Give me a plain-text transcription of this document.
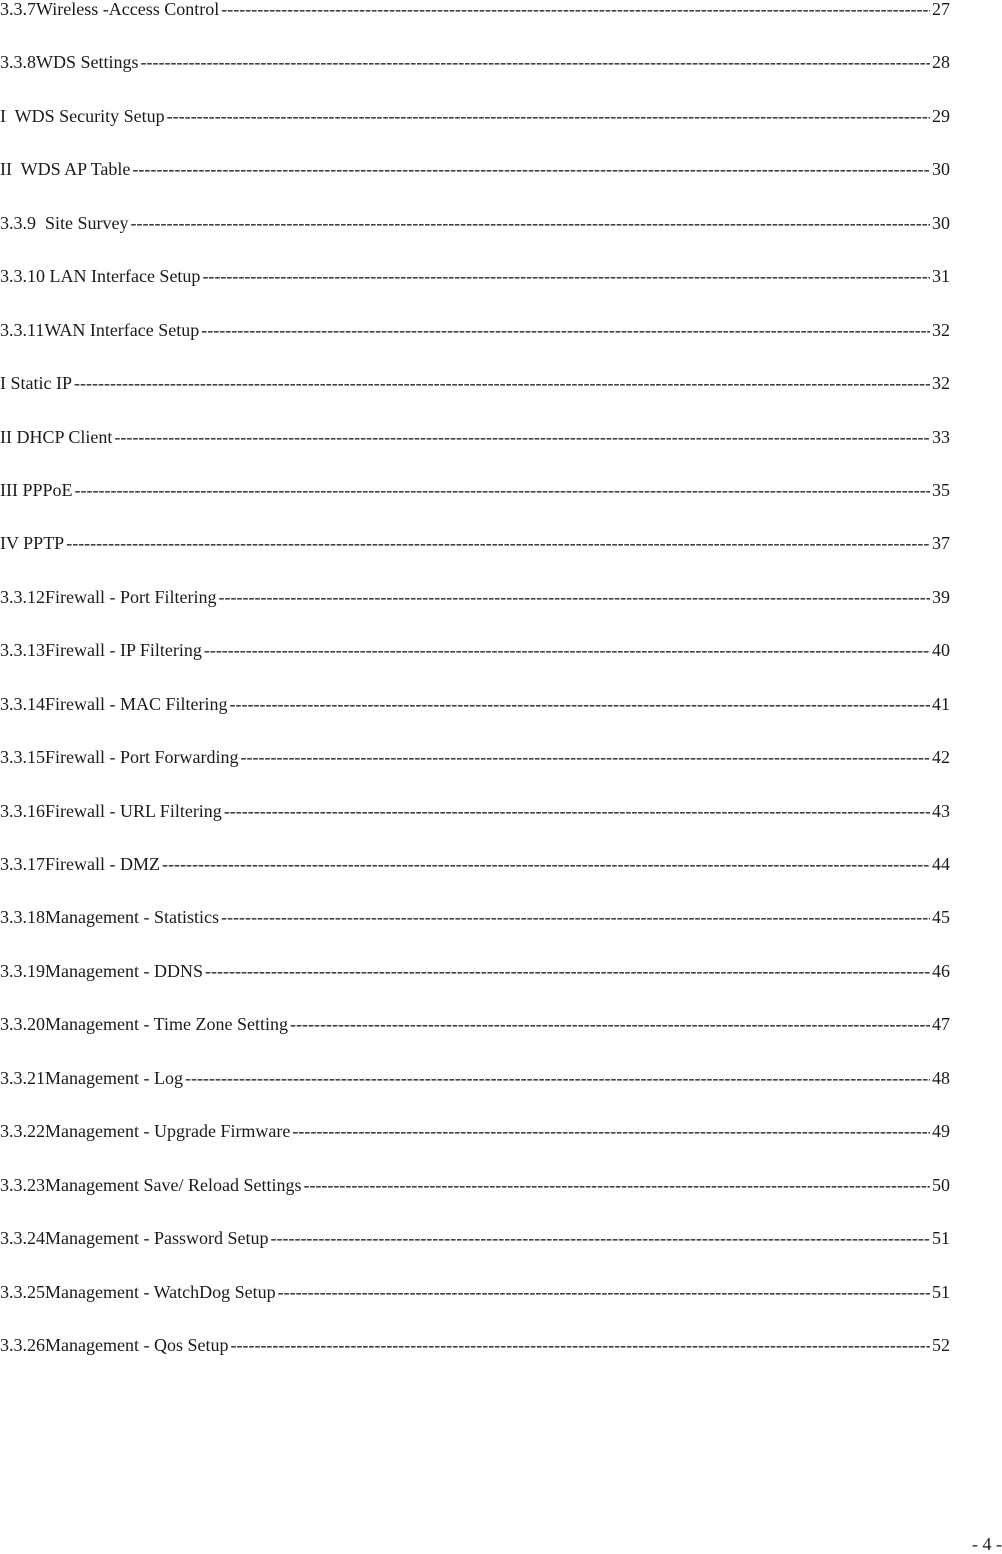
3.3.7Wireless -Access Control -----	27
3.3.8WDS Settings -----	28
I  WDS Security Setup -----	29
II  WDS AP Table -----	30
3.3.9  Site Survey -----	30
3.3.10 LAN Interface Setup -----	31
3.3.11WAN Interface Setup -----	32
I Static IP -----	32
II DHCP Client -----	33
III PPPoE -----	35
IV PPTP -----	37
3.3.12Firewall - Port Filtering -----	39
3.3.13Firewall - IP Filtering -----	40
3.3.14Firewall - MAC Filtering -----	41
3.3.15Firewall - Port Forwarding -----	42
3.3.16Firewall - URL Filtering -----	43
3.3.17Firewall - DMZ -----	44
3.3.18Management - Statistics -----	45
3.3.19Management - DDNS -----	46
3.3.20Management - Time Zone Setting -----	47
3.3.21Management - Log -----	48
3.3.22Management - Upgrade Firmware -----	49
3.3.23Management Save/ Reload Settings -----	50
3.3.24Management - Password Setup -----	51
3.3.25Management - WatchDog Setup -----	51
3.3.26Management - Qos Setup -----	52
- 4 -
